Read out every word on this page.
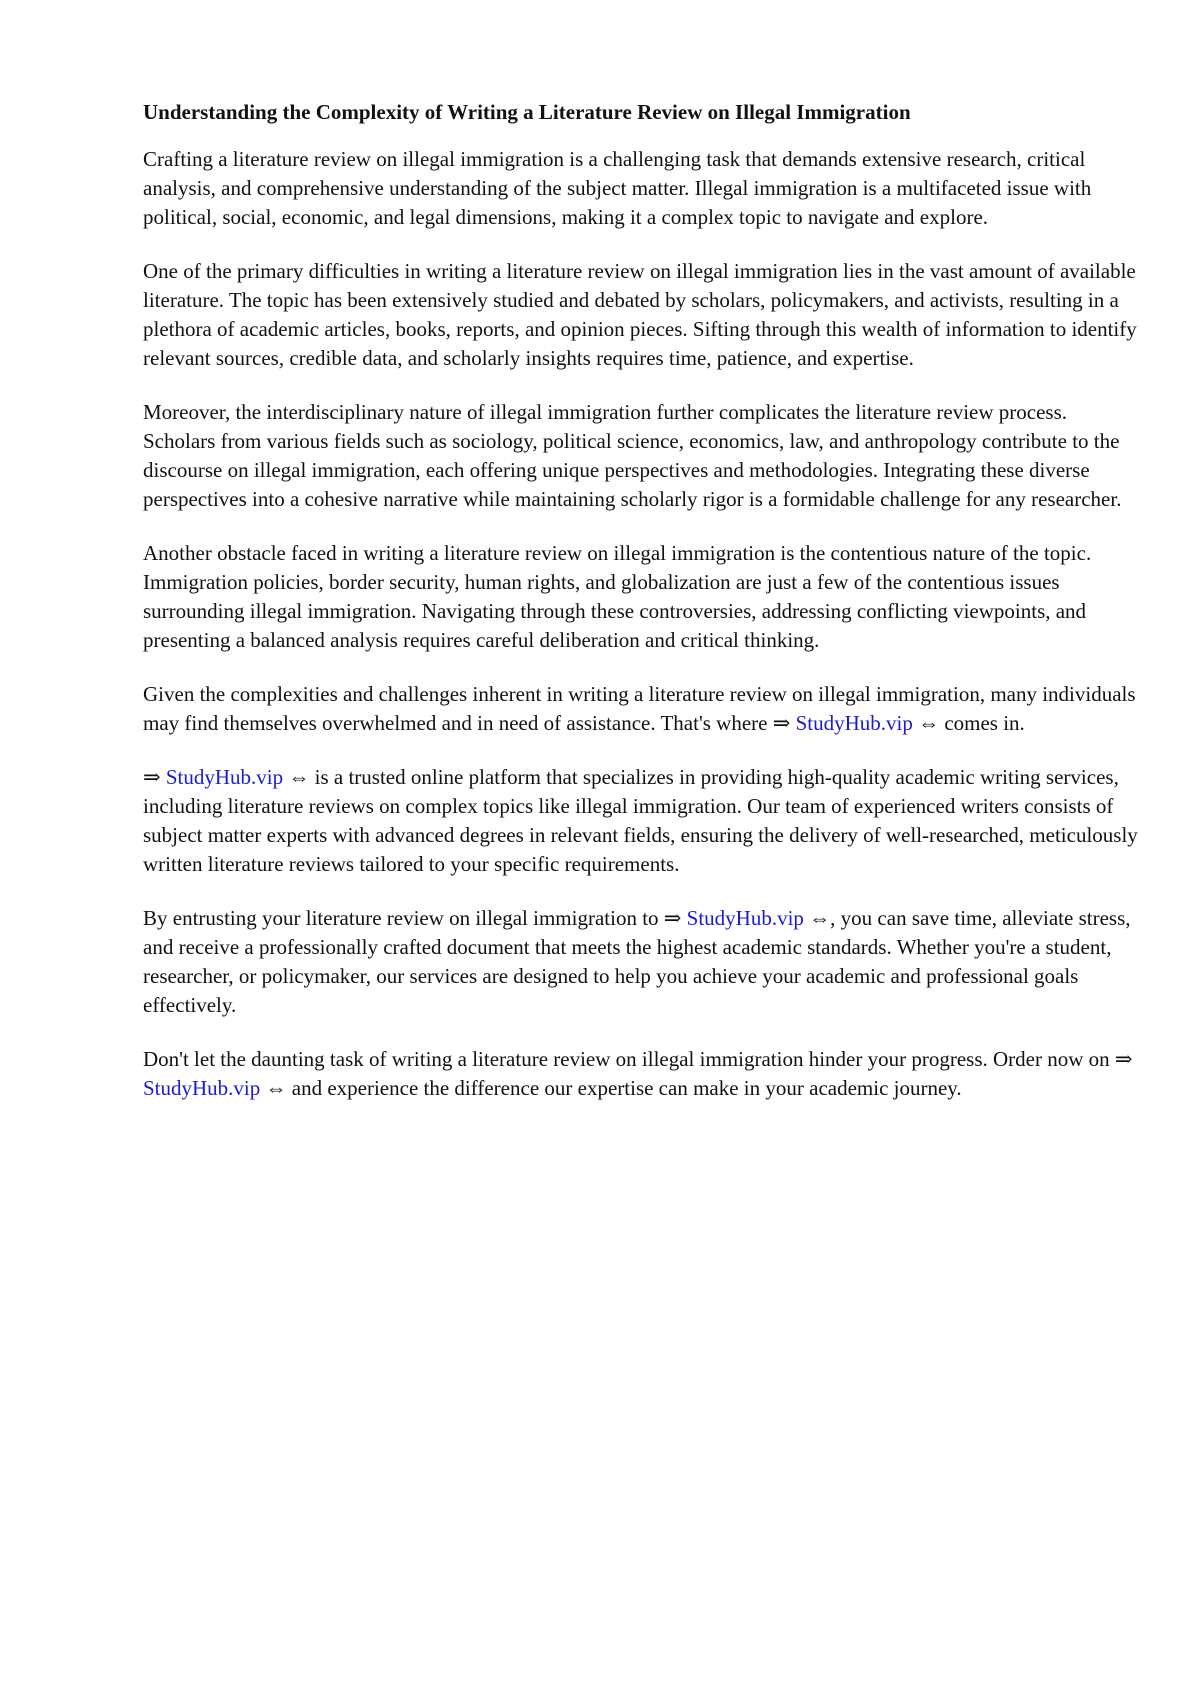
Understanding the Complexity of Writing a Literature Review on Illegal Immigration

Crafting a literature review on illegal immigration is a challenging task that demands extensive research, critical analysis, and comprehensive understanding of the subject matter. Illegal immigration is a multifaceted issue with political, social, economic, and legal dimensions, making it a complex topic to navigate and explore.

One of the primary difficulties in writing a literature review on illegal immigration lies in the vast amount of available literature. The topic has been extensively studied and debated by scholars, policymakers, and activists, resulting in a plethora of academic articles, books, reports, and opinion pieces. Sifting through this wealth of information to identify relevant sources, credible data, and scholarly insights requires time, patience, and expertise.

Moreover, the interdisciplinary nature of illegal immigration further complicates the literature review process. Scholars from various fields such as sociology, political science, economics, law, and anthropology contribute to the discourse on illegal immigration, each offering unique perspectives and methodologies. Integrating these diverse perspectives into a cohesive narrative while maintaining scholarly rigor is a formidable challenge for any researcher.

Another obstacle faced in writing a literature review on illegal immigration is the contentious nature of the topic. Immigration policies, border security, human rights, and globalization are just a few of the contentious issues surrounding illegal immigration. Navigating through these controversies, addressing conflicting viewpoints, and presenting a balanced analysis requires careful deliberation and critical thinking.

Given the complexities and challenges inherent in writing a literature review on illegal immigration, many individuals may find themselves overwhelmed and in need of assistance. That's where ⇒ StudyHub.vip ⇔ comes in.

⇒ StudyHub.vip ⇔ is a trusted online platform that specializes in providing high-quality academic writing services, including literature reviews on complex topics like illegal immigration. Our team of experienced writers consists of subject matter experts with advanced degrees in relevant fields, ensuring the delivery of well-researched, meticulously written literature reviews tailored to your specific requirements.

By entrusting your literature review on illegal immigration to ⇒ StudyHub.vip ⇔, you can save time, alleviate stress, and receive a professionally crafted document that meets the highest academic standards. Whether you're a student, researcher, or policymaker, our services are designed to help you achieve your academic and professional goals effectively.

Don't let the daunting task of writing a literature review on illegal immigration hinder your progress. Order now on ⇒ StudyHub.vip ⇔ and experience the difference our expertise can make in your academic journey.
